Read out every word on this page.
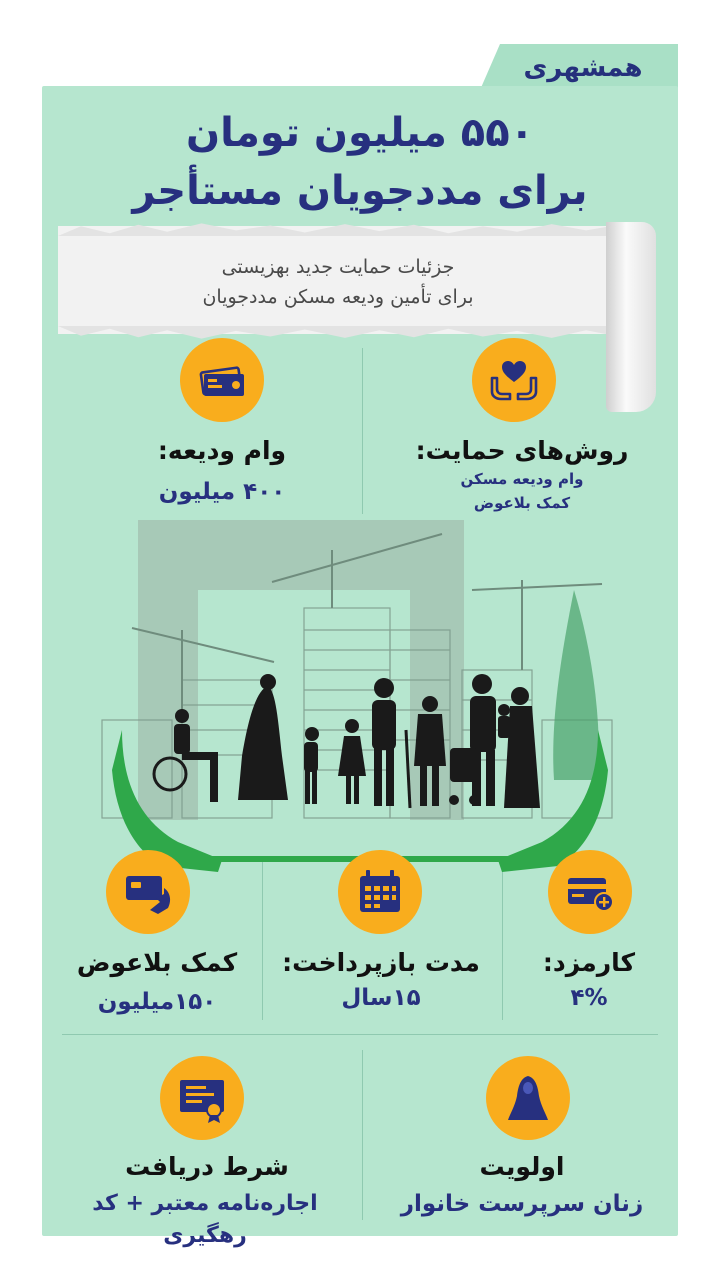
همشهری
۵۵۰ میلیون تومان
برای مددجویان مستأجر
جزئیات حمایت جدید بهزیستی
برای تأمین ودیعه مسکن مددجویان
روش‌های حمایت:
وام ودیعه مسکن
کمک بلاعوض
وام ودیعه:
۴۰۰ میلیون
کارمزد:
۴%
مدت بازپرداخت:
۱۵سال
کمک بلاعوض
۱۵۰میلیون
اولویت
زنان سرپرست خانوار
شرط دریافت
اجاره‌نامه معتبر + کد رهگیری
